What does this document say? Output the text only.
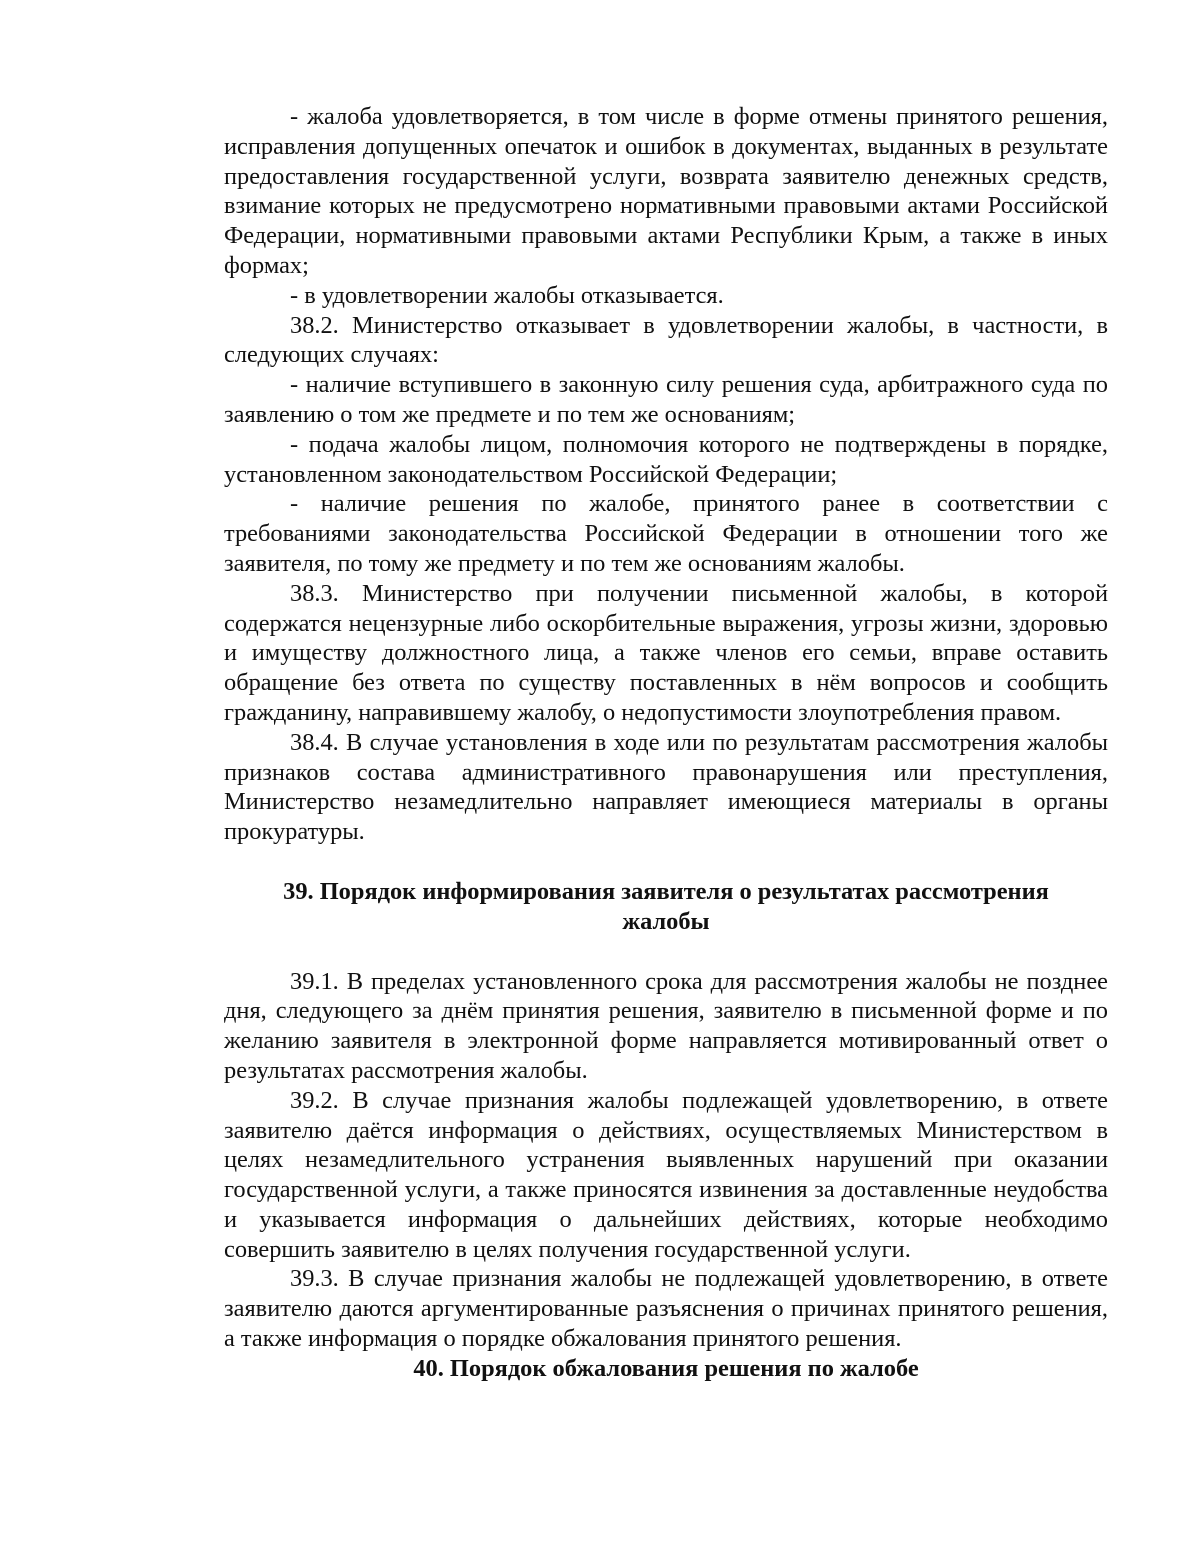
- жалоба удовлетворяется, в том числе в форме отмены принятого решения, исправления допущенных опечаток и ошибок в документах, выданных в результате предоставления государственной услуги, возврата заявителю денежных средств, взимание которых не предусмотрено нормативными правовыми актами Российской Федерации, нормативными правовыми актами Республики Крым, а также в иных формах;

- в удовлетворении жалобы отказывается.

38.2. Министерство отказывает в удовлетворении жалобы, в частности, в следующих случаях:

- наличие вступившего в законную силу решения суда, арбитражного суда по заявлению о том же предмете и по тем же основаниям;

- подача жалобы лицом, полномочия которого не подтверждены в порядке, установленном законодательством Российской Федерации;

- наличие решения по жалобе, принятого ранее в соответствии с требованиями законодательства Российской Федерации в отношении того же заявителя, по тому же предмету и по тем же основаниям жалобы.

38.3. Министерство при получении письменной жалобы, в которой содержатся нецензурные либо оскорбительные выражения, угрозы жизни, здоровью и имуществу должностного лица, а также членов его семьи, вправе оставить обращение без ответа по существу поставленных в нём вопросов и сообщить гражданину, направившему жалобу, о недопустимости злоупотребления правом.

38.4. В случае установления в ходе или по результатам рассмотрения жалобы признаков состава административного правонарушения или преступления, Министерство незамедлительно направляет имеющиеся материалы в органы прокуратуры.

39. Порядок информирования заявителя о результатах рассмотрения жалобы

39.1. В пределах установленного срока для рассмотрения жалобы не позднее дня, следующего за днём принятия решения, заявителю в письменной форме и по желанию заявителя в электронной форме направляется мотивированный ответ о результатах рассмотрения жалобы.

39.2. В случае признания жалобы подлежащей удовлетворению, в ответе заявителю даётся информация о действиях, осуществляемых Министерством в целях незамедлительного устранения выявленных нарушений при оказании государственной услуги, а также приносятся извинения за доставленные неудобства и указывается информация о дальнейших действиях, которые необходимо совершить заявителю в целях получения государственной услуги.

39.3. В случае признания жалобы не подлежащей удовлетворению, в ответе заявителю даются аргументированные разъяснения о причинах принятого решения, а также информация о порядке обжалования принятого решения.

40. Порядок обжалования решения по жалобе
